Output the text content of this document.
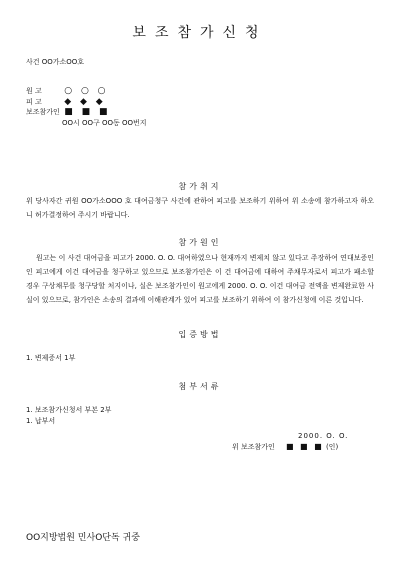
보조참가신청
사건 OO가소OO호
원 고 ○ ○ ○
피 고 ◆ ◆ ◆
보조참가인 ■ ■ ■
OO시 OO구 OO동 OO번지
참가취지
위 당사자간 귀원 OO가소OOO 호 대여금청구 사건에 관하여 피고를 보조하기 위하여 위 소송에 참가하고자 하오니 허가결정하여 주시기 바랍니다.
참가원인
원고는 이 사건 대여금을 피고가 2000. O. O. 대여하였으나 현재까지 변제치 않고 있다고 주장하여 연대보증인인 피고에게 이건 대여금을 청구하고 있으므로 보조참가인은 이 건 대여금에 대하여 주채무자로서 피고가 패소할 경우 구상채무를 청구당할 처지이나, 실은 보조참가인이 원고에게 2000. O. O. 이건 대여금 전액을 변제완료한 사실이 있으므로, 참가인은 소송의 결과에 이해관계가 있어 피고를 보조하기 위하여 이 참가신청에 이른 것입니다.
입증방법
1. 변제증서 1부
첨부서류
1. 보조참가신청서 부본 2부
1. 납부서
2000. O. O.
위 보조참가인 ■ ■ ■ (인)
OO지방법원 민사O단독 귀중
